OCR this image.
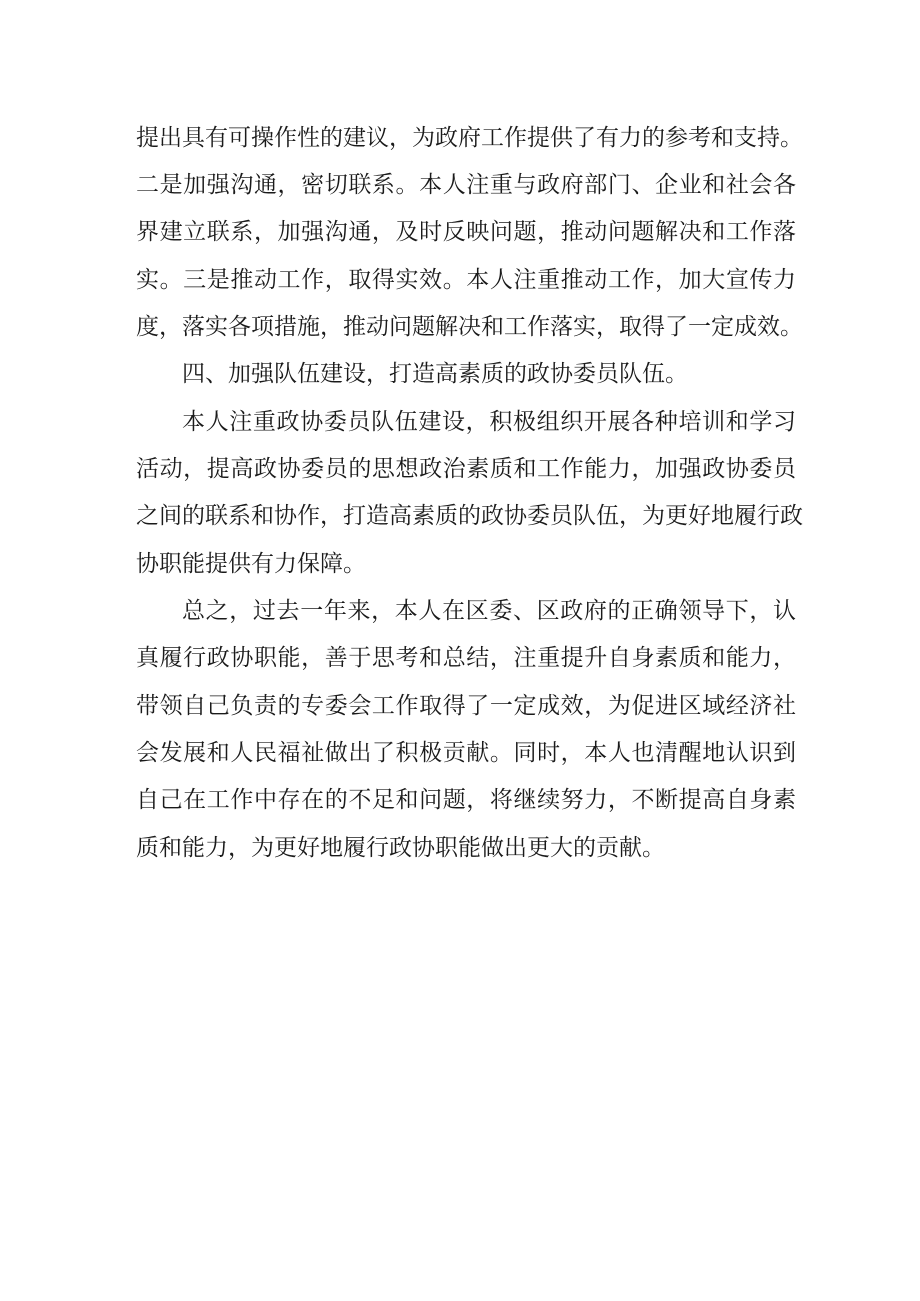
提出具有可操作性的建议，为政府工作提供了有力的参考和支持。
二是加强沟通，密切联系。本人注重与政府部门、企业和社会各
界建立联系，加强沟通，及时反映问题，推动问题解决和工作落
实。三是推动工作，取得实效。本人注重推动工作，加大宣传力
度，落实各项措施，推动问题解决和工作落实，取得了一定成效。
四、加强队伍建设，打造高素质的政协委员队伍。
本人注重政协委员队伍建设，积极组织开展各种培训和学习
活动，提高政协委员的思想政治素质和工作能力，加强政协委员
之间的联系和协作，打造高素质的政协委员队伍，为更好地履行政
协职能提供有力保障。
总之，过去一年来，本人在区委、区政府的正确领导下，认
真履行政协职能，善于思考和总结，注重提升自身素质和能力，
带领自己负责的专委会工作取得了一定成效，为促进区域经济社
会发展和人民福祉做出了积极贡献。同时，本人也清醒地认识到
自己在工作中存在的不足和问题，将继续努力，不断提高自身素
质和能力，为更好地履行政协职能做出更大的贡献。
